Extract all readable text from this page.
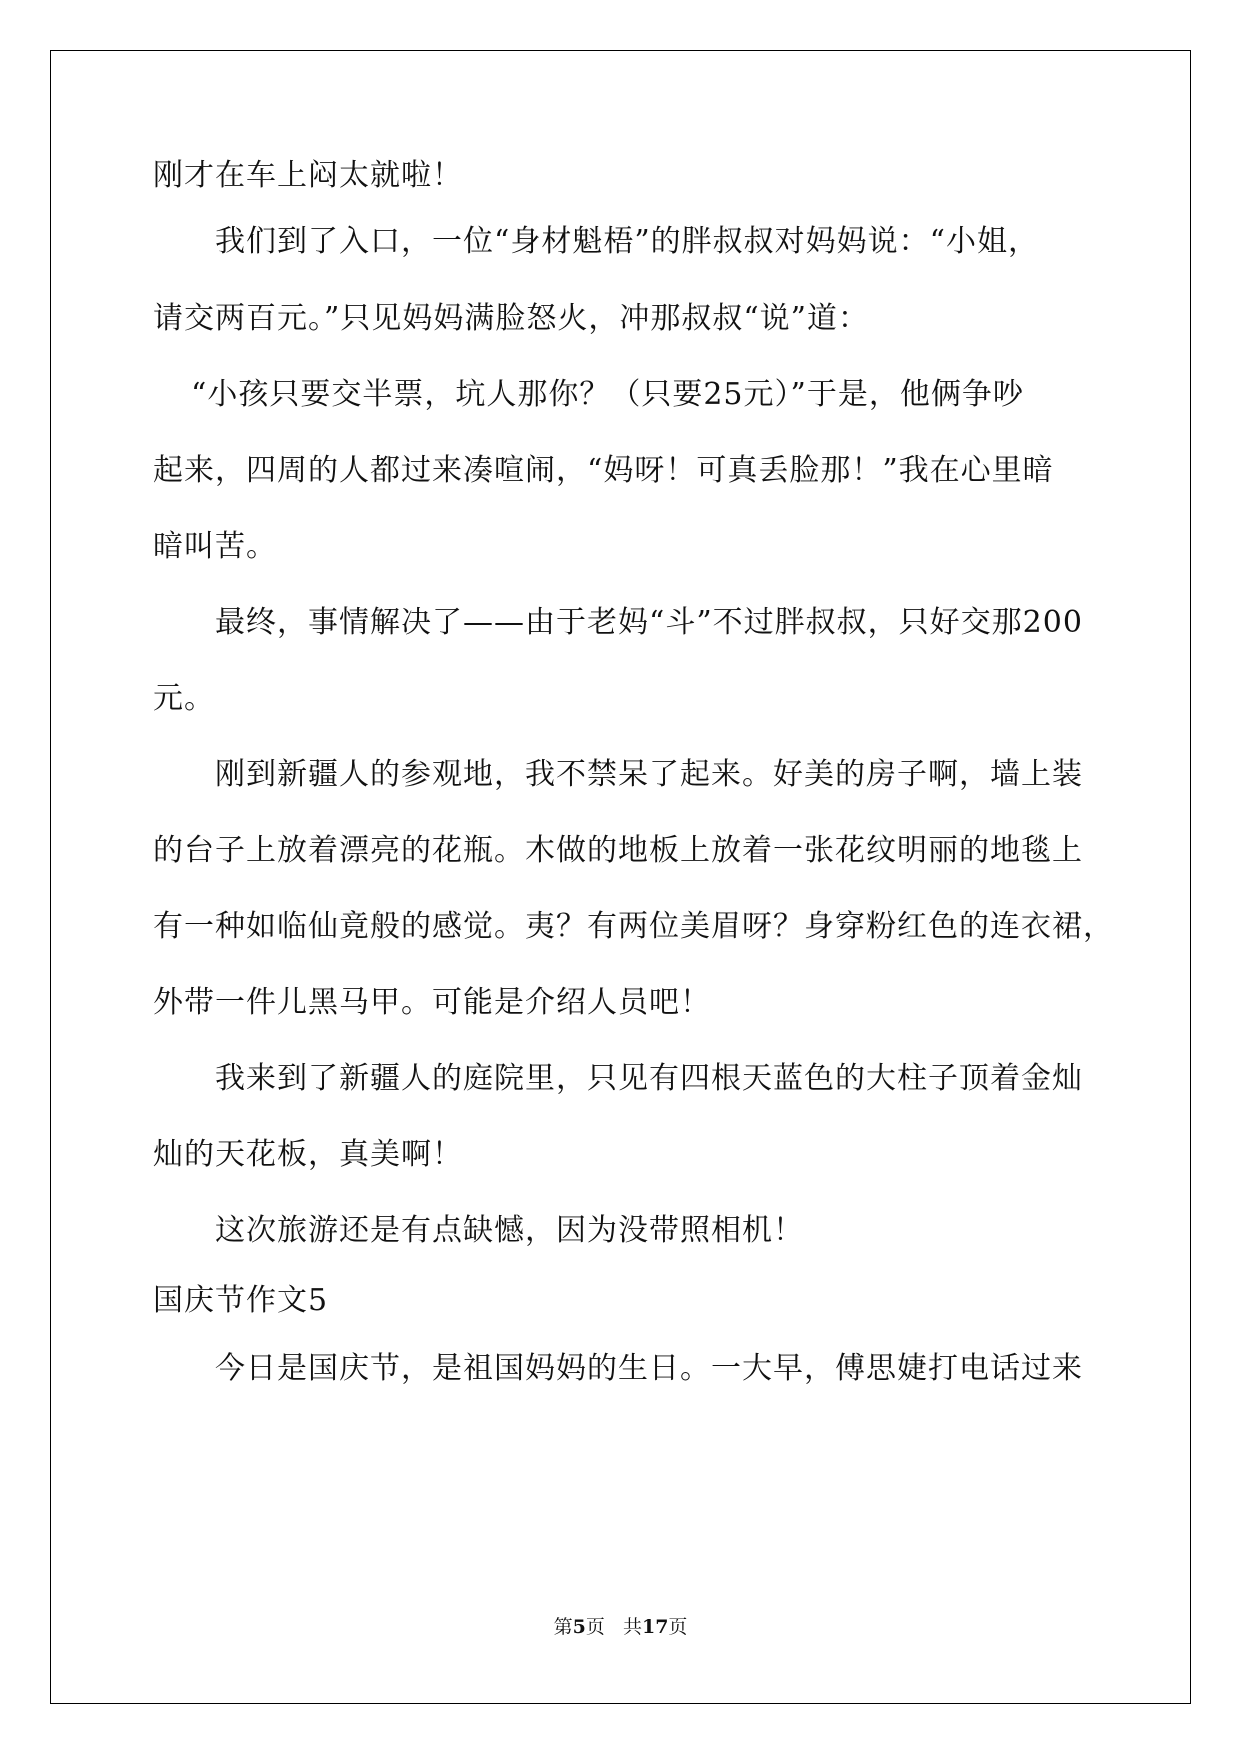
刚才在车上闷太就啦！
我们到了入口，一位“身材魁梧”的胖叔叔对妈妈说：“小姐，
请交两百元。”只见妈妈满脸怒火，冲那叔叔“说”道：
“小孩只要交半票，坑人那你？（只要25元）”于是，他俩争吵
起来，四周的人都过来凑喧闹，“妈呀！可真丢脸那！”我在心里暗
暗叫苦。
最终，事情解决了——由于老妈“斗”不过胖叔叔，只好交那200
元。
刚到新疆人的参观地，我不禁呆了起来。好美的房子啊，墙上装
的台子上放着漂亮的花瓶。木做的地板上放着一张花纹明丽的地毯上
有一种如临仙竟般的感觉。夷？有两位美眉呀？身穿粉红色的连衣裙，
外带一件儿黑马甲。可能是介绍人员吧！
我来到了新疆人的庭院里，只见有四根天蓝色的大柱子顶着金灿
灿的天花板，真美啊！
这次旅游还是有点缺憾，因为没带照相机！
国庆节作文5
今日是国庆节，是祖国妈妈的生日。一大早，傅思婕打电话过来
第5页 共17页
